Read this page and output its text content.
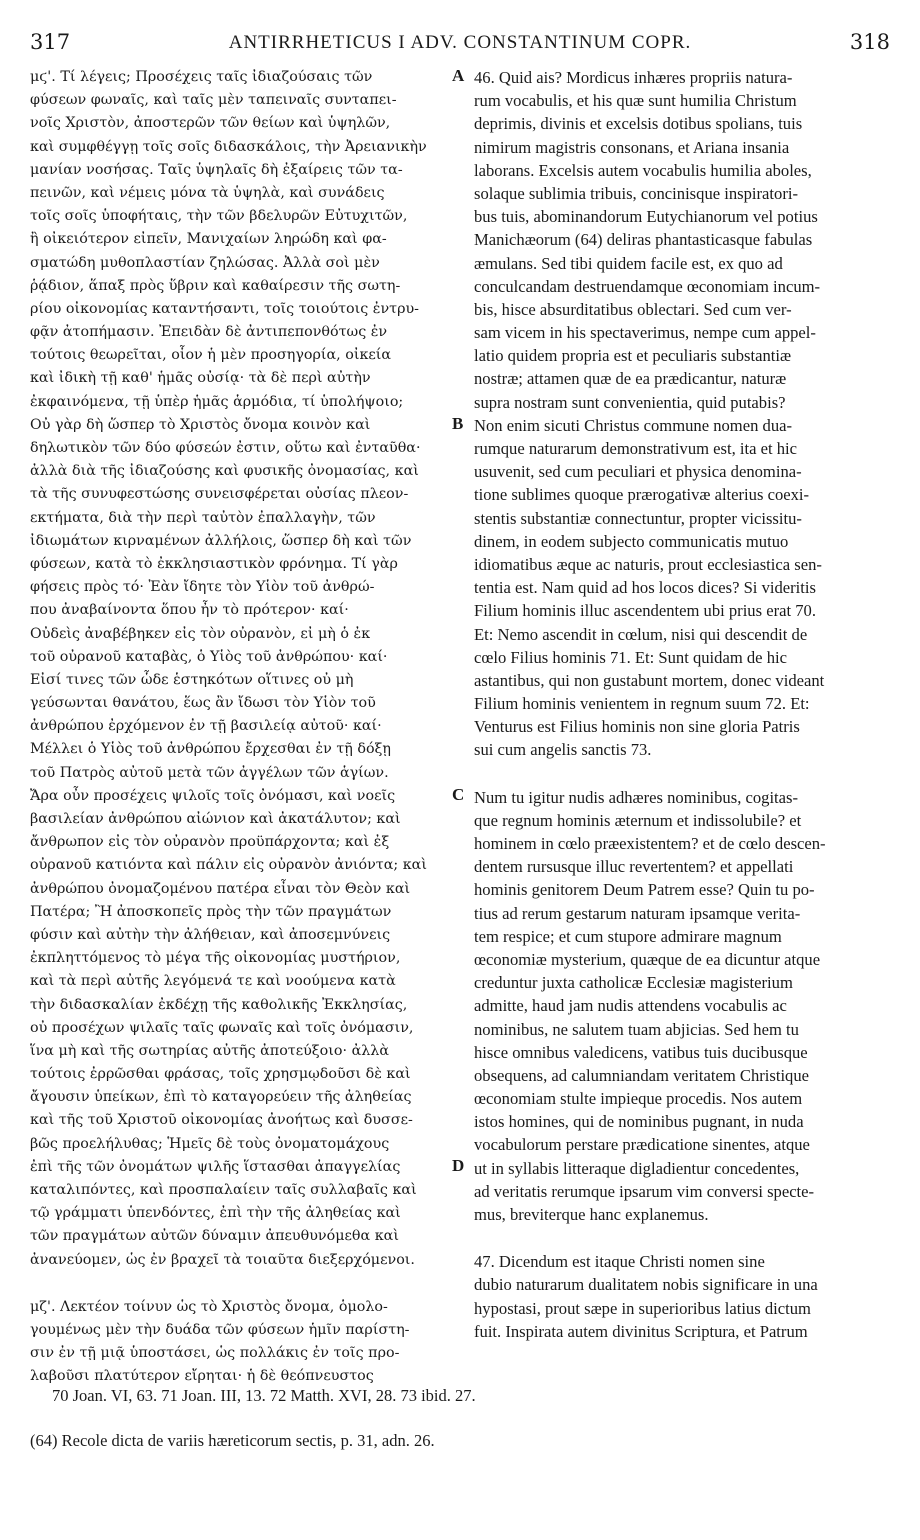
317	ANTIRRHETICUS I ADV. CONSTANTINUM COPR.	318
μϛ'. Τί λέγεις; Προσέχεις ταῖς ἰδιαζούσαις τῶν
φύσεων φωναῖς, καὶ ταῖς μὲν ταπειναῖς συνταπει-
νοῖς Χριστὸν, ἀποστερῶν τῶν θείων καὶ ὑψηλῶν,
καὶ συμφθέγγῃ τοῖς σοῖς διδασκάλοις, τὴν Ἀρειανικὴν
μανίαν νοσήσας. Ταῖς ὑψηλαῖς δὴ ἐξαίρεις τῶν τα-
πεινῶν, καὶ νέμεις μόνα τὰ ὑψηλὰ, καὶ συνάδεις
τοῖς σοῖς ὑποφήταις, τὴν τῶν βδελυρῶν Εὐτυχιτῶν,
ἢ οἰκειότερον εἰπεῖν, Μανιχαίων ληρώδη καὶ φα-
σματώδη μυθοπλαστίαν ζηλώσας. Ἀλλὰ σοὶ μὲν
ῥᾴδιον, ἅπαξ πρὸς ὕβριν καὶ καθαίρεσιν τῆς σωτη-
ρίου οἰκονομίας καταντήσαντι, τοῖς τοιούτοις ἐντρυ-
φᾷν ἀτοπήμασιν. Ἐπειδὰν δὲ ἀντιπεπονθότως ἐν
τούτοις θεωρεῖται, οἷον ἡ μὲν προσηγορία, οἰκεία
καὶ ἰδικὴ τῇ καθ' ἡμᾶς οὐσίᾳ· τὰ δὲ περὶ αὐτὴν
ἐκφαινόμενα, τῇ ὑπὲρ ἡμᾶς ἁρμόδια, τί ὑπολήψοιο;
Οὐ γὰρ δὴ ὥσπερ τὸ Χριστὸς ὄνομα κοινὸν καὶ
δηλωτικὸν τῶν δύο φύσεών ἐστιν, οὕτω καὶ ἐνταῦθα·
ἀλλὰ διὰ τῆς ἰδιαζούσης καὶ φυσικῆς ὀνομασίας, καὶ
τὰ τῆς συνυφεστώσης συνεισφέρεται οὐσίας πλεον-
εκτήματα, διὰ τὴν περὶ ταὐτὸν ἐπαλλαγὴν, τῶν
ἰδιωμάτων κιρναμένων ἀλλήλοις, ὥσπερ δὴ καὶ τῶν
φύσεων, κατὰ τὸ ἐκκλησιαστικὸν φρόνημα. Τί γὰρ
φήσεις πρὸς τό· Ἐὰν ἴδητε τὸν Υἱὸν τοῦ ἀνθρώ-
που ἀναβαίνοντα ὅπου ἦν τὸ πρότερον· καί·
Οὐδεὶς ἀναβέβηκεν εἰς τὸν οὐρανὸν, εἰ μὴ ὁ ἐκ
τοῦ οὐρανοῦ καταβὰς, ὁ Υἱὸς τοῦ ἀνθρώπου· καί·
Εἰσί τινες τῶν ὧδε ἑστηκότων οἵτινες οὐ μὴ
γεύσωνται θανάτου, ἕως ἂν ἴδωσι τὸν Υἱὸν τοῦ
ἀνθρώπου ἐρχόμενον ἐν τῇ βασιλείᾳ αὐτοῦ· καί·
Μέλλει ὁ Υἱὸς τοῦ ἀνθρώπου ἔρχεσθαι ἐν τῇ δόξῃ
τοῦ Πατρὸς αὐτοῦ μετὰ τῶν ἀγγέλων τῶν ἁγίων.
Ἄρα οὖν προσέχεις ψιλοῖς τοῖς ὀνόμασι, καὶ νοεῖς
βασιλείαν ἀνθρώπου αἰώνιον καὶ ἀκατάλυτον; καὶ
ἄνθρωπον εἰς τὸν οὐρανὸν προϋπάρχοντα; καὶ ἐξ
οὐρανοῦ κατιόντα καὶ πάλιν εἰς οὐρανὸν ἀνιόντα; καὶ
ἀνθρώπου ὀνομαζομένου πατέρα εἶναι τὸν Θεὸν καὶ
Πατέρα; Ἢ ἀποσκοπεῖς πρὸς τὴν τῶν πραγμάτων
φύσιν καὶ αὐτὴν τὴν ἀλήθειαν, καὶ ἀποσεμνύνεις
ἐκπληττόμενος τὸ μέγα τῆς οἰκονομίας μυστήριον,
καὶ τὰ περὶ αὐτῆς λεγόμενά τε καὶ νοούμενα κατὰ
τὴν διδασκαλίαν ἐκδέχῃ τῆς καθολικῆς Ἐκκλησίας,
οὐ προσέχων ψιλαῖς ταῖς φωναῖς καὶ τοῖς ὀνόμασιν,
ἵνα μὴ καὶ τῆς σωτηρίας αὐτῆς ἀποτεύξοιο· ἀλλὰ
τούτοις ἐρρῶσθαι φράσας, τοῖς χρησμῳδοῦσι δὲ καὶ
ἄγουσιν ὑπείκων, ἐπὶ τὸ καταγορεύειν τῆς ἀληθείας
καὶ τῆς τοῦ Χριστοῦ οἰκονομίας ἀνοήτως καὶ δυσσε-
βῶς προελήλυθας; Ἡμεῖς δὲ τοὺς ὀνοματομάχους
ἐπὶ τῆς τῶν ὀνομάτων ψιλῆς ἵστασθαι ἀπαγγελίας
καταλιπόντες, καὶ προσπαλαίειν ταῖς συλλαβαῖς καὶ
τῷ γράμματι ὑπενδόντες, ἐπὶ τὴν τῆς ἀληθείας καὶ
τῶν πραγμάτων αὐτῶν δύναμιν ἀπευθυνόμεθα καὶ
ἀνανεύομεν, ὡς ἐν βραχεῖ τὰ τοιαῦτα διεξερχόμενοι.
μζ'. Λεκτέον τοίνυν ὡς τὸ Χριστὸς ὄνομα, ὁμολο-
γουμένως μὲν τὴν δυάδα τῶν φύσεων ἡμῖν παρίστη-
σιν ἐν τῇ μιᾷ ὑποστάσει, ὡς πολλάκις ἐν τοῖς προ-
λαβοῦσι πλατύτερον εἴρηται· ἡ δὲ θεόπνευστος
A
B
C
D
46. Quid ais? Mordicus inhæres propriis natura-
rum vocabulis, et his quæ sunt humilia Christum
deprimis, divinis et excelsis dotibus spolians, tuis
nimirum magistris consonans, et Ariana insania
laborans. Excelsis autem vocabulis humilia aboles,
solaque sublimia tribuis, concinisque inspiratori-
bus tuis, abominandorum Eutychianorum vel potius
Manichæorum (64) deliras phantasticasque fabulas
æmulans. Sed tibi quidem facile est, ex quo ad
conculcandam destruendamque œconomiam incum-
bis, hisce absurditatibus oblectari. Sed cum ver-
sam vicem in his spectaverimus, nempe cum appel-
latio quidem propria est et peculiaris substantiæ
nostræ; attamen quæ de ea prædicantur, naturæ
supra nostram sunt convenientia, quid putabis?
Non enim sicuti Christus commune nomen dua-
rumque naturarum demonstrativum est, ita et hic
usuvenit, sed cum peculiari et physica denomina-
tione sublimes quoque prærogativæ alterius coexi-
stentis substantiæ connectuntur, propter vicissitu-
dinem, in eodem subjecto communicatis mutuo
idiomatibus æque ac naturis, prout ecclesiastica sen-
tentia est. Nam quid ad hos locos dices? Si videritis
Filium hominis illuc ascendentem ubi prius erat 70.
Et: Nemo ascendit in cœlum, nisi qui descendit de
cœlo Filius hominis 71. Et: Sunt quidam de hic
astantibus, qui non gustabunt mortem, donec videant
Filium hominis venientem in regnum suum 72. Et:
Venturus est Filius hominis non sine gloria Patris
sui cum angelis sanctis 73.
Num tu igitur nudis adhæres nominibus, cogitas-
que regnum hominis æternum et indissolubile? et
hominem in cœlo præexistentem? et de cœlo descen-
dentem rursusque illuc revertentem? et appellati
hominis genitorem Deum Patrem esse? Quin tu po-
tius ad rerum gestarum naturam ipsamque verita-
tem respice; et cum stupore admirare magnum
œconomiæ mysterium, quæque de ea dicuntur atque
creduntur juxta catholicæ Ecclesiæ magisterium
admitte, haud jam nudis attendens vocabulis ac
nominibus, ne salutem tuam abjicias. Sed hem tu
hisce omnibus valedicens, vatibus tuis ducibusque
obsequens, ad calumniandam veritatem Christique
œconomiam stulte impieque procedis. Nos autem
istos homines, qui de nominibus pugnant, in nuda
vocabulorum perstare prædicatione sinentes, atque
ut in syllabis litteraque digladientur concedentes,
ad veritatis rerumque ipsarum vim conversi specte-
mus, breviterque hanc explanemus.
47. Dicendum est itaque Christi nomen sine
dubio naturarum dualitatem nobis significare in una
hypostasi, prout sæpe in superioribus latius dictum
fuit. Inspirata autem divinitus Scriptura, et Patrum
70 Joan. VI, 63. 71 Joan. III, 13. 72 Matth. XVI, 28. 73 ibid. 27.
(64) Recole dicta de variis hæreticorum sectis, p. 31, adn. 26.
